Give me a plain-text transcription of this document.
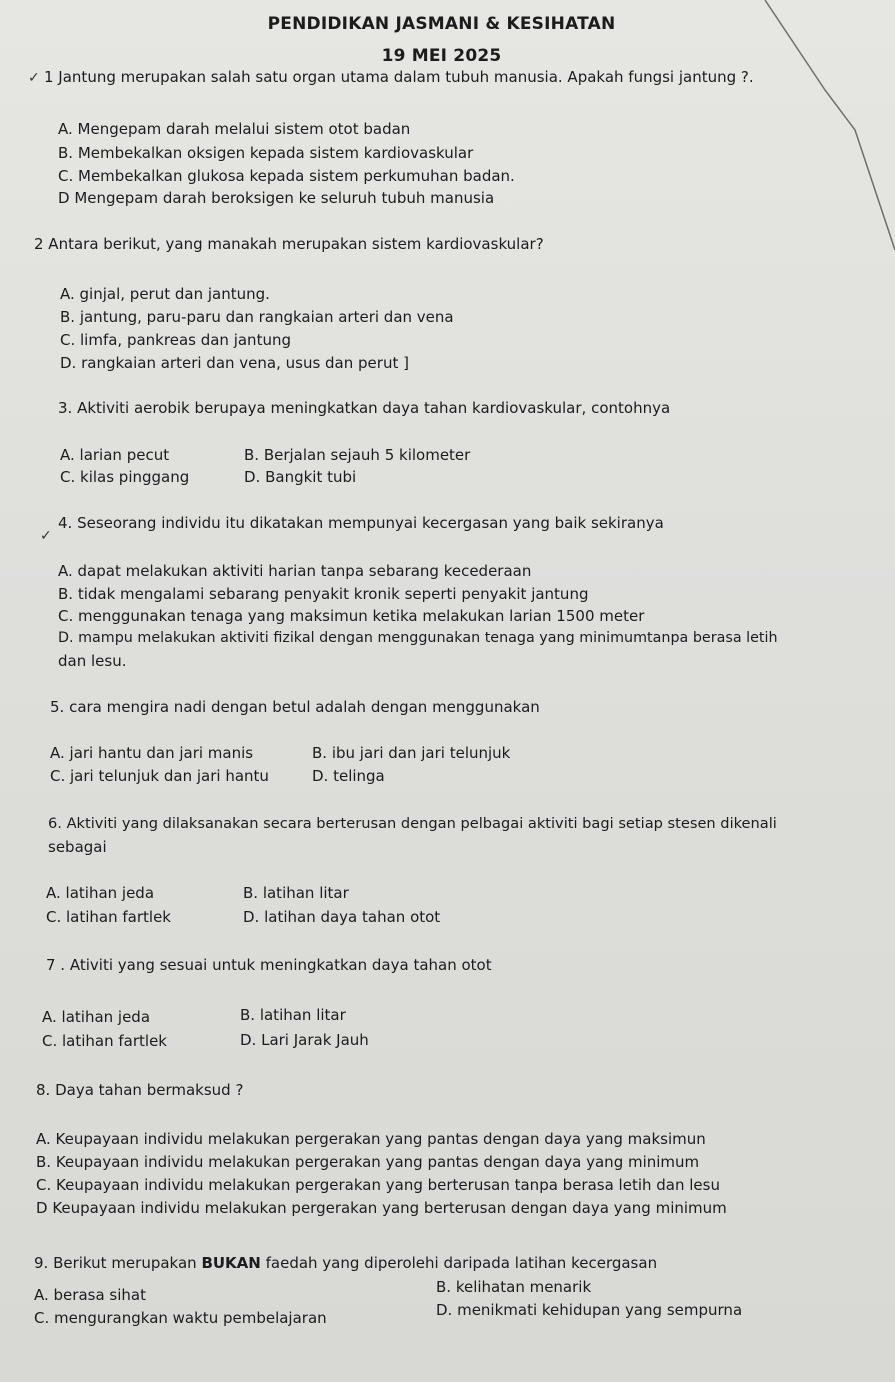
PENDIDIKAN JASMANI & KESIHATAN
19 MEI 2025
✓ 1 Jantung merupakan salah satu organ utama dalam tubuh manusia. Apakah fungsi jantung ?.
A. Mengepam darah melalui sistem otot badan
B. Membekalkan oksigen kepada sistem kardiovaskular
C. Membekalkan glukosa kepada sistem perkumuhan badan.
D Mengepam darah beroksigen ke seluruh tubuh manusia
2 Antara berikut, yang manakah merupakan sistem kardiovaskular?
A. ginjal, perut dan jantung.
B. jantung, paru-paru dan rangkaian arteri dan vena
C. limfa, pankreas dan jantung
D. rangkaian arteri dan vena, usus dan perut ]
3. Aktiviti aerobik berupaya meningkatkan daya tahan kardiovaskular, contohnya
A. larian pecut	B. Berjalan sejauh 5 kilometer
C. kilas pinggang	D. Bangkit tubi
✓
4. Seseorang individu itu dikatakan mempunyai kecergasan yang baik sekiranya
A. dapat melakukan aktiviti harian tanpa sebarang kecederaan
B. tidak mengalami sebarang penyakit kronik seperti penyakit jantung
C. menggunakan tenaga yang maksimun ketika melakukan larian 1500 meter
D. mampu melakukan aktiviti fizikal dengan menggunakan tenaga yang minimumtanpa berasa letih
dan lesu.
5. cara mengira nadi dengan betul adalah dengan menggunakan
A. jari hantu dan jari manis	B. ibu jari dan jari telunjuk
C. jari telunjuk dan jari hantu	D. telinga
6. Aktiviti yang dilaksanakan secara berterusan dengan pelbagai aktiviti bagi setiap stesen dikenali
sebagai
A. latihan jeda	B. latihan litar
C. latihan fartlek	D. latihan daya tahan otot
7 . Ativiti yang sesuai untuk meningkatkan daya tahan otot
A. latihan jeda	B. latihan litar
C. latihan fartlek	D. Lari Jarak Jauh
8. Daya tahan bermaksud ?
A. Keupayaan individu melakukan pergerakan yang pantas dengan daya yang maksimun
B. Keupayaan individu melakukan pergerakan yang pantas dengan daya yang minimum
C. Keupayaan individu melakukan pergerakan yang berterusan tanpa berasa letih dan lesu
D Keupayaan individu melakukan pergerakan yang berterusan dengan daya yang minimum
9. Berikut merupakan BUKAN faedah yang diperolehi daripada latihan kecergasan
A. berasa sihat	B. kelihatan menarik
C. mengurangkan waktu pembelajaran	D. menikmati kehidupan yang sempurna
